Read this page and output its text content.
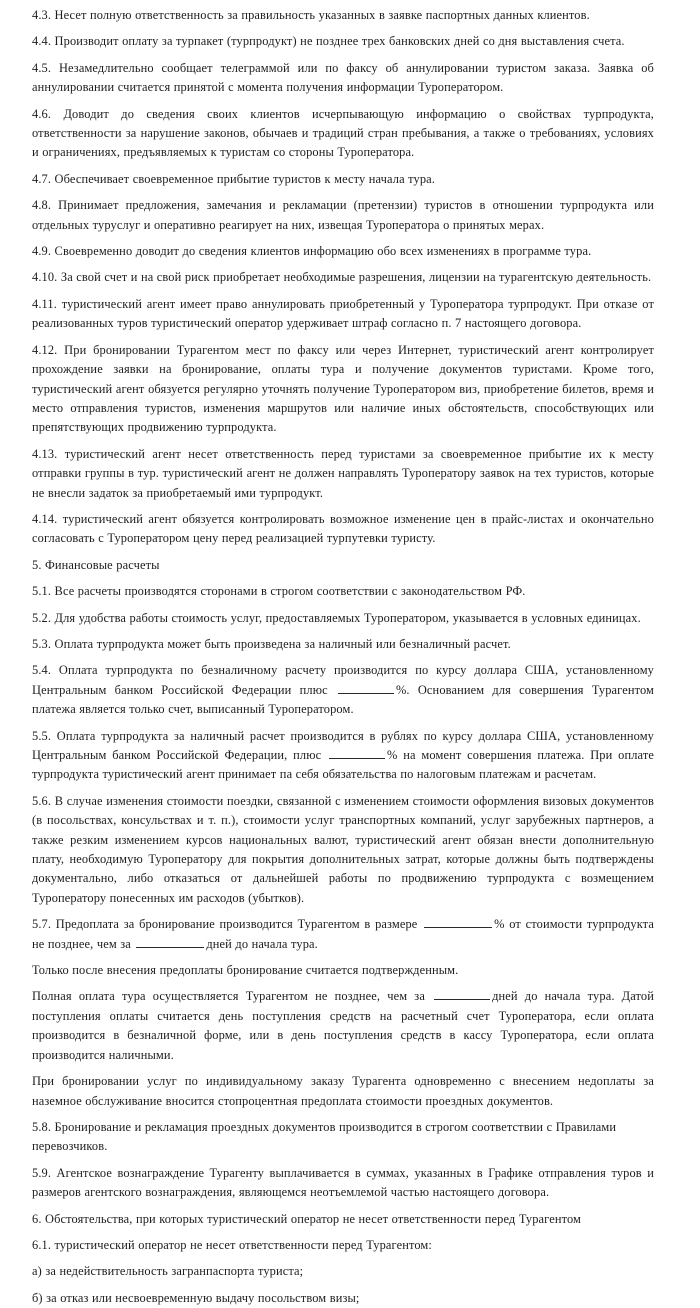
4.3. Несет полную ответственность за правильность указанных в заявке паспортных данных клиентов.

4.4. Производит оплату за турпакет (турпродукт) не позднее трех банковских дней со дня выставления счета.

4.5. Незамедлительно сообщает телеграммой или по факсу об аннулировании туристом заказа. Заявка об аннулировании считается принятой с момента получения информации Туроператором.

4.6. Доводит до сведения своих клиентов исчерпывающую информацию о свойствах турпродукта, ответственности за нарушение законов, обычаев и традиций стран пребывания, а также о требованиях, условиях и ограничениях, предъявляемых к туристам со стороны Туроператора.

4.7. Обеспечивает своевременное прибытие туристов к месту начала тура.

4.8. Принимает предложения, замечания и рекламации (претензии) туристов в отношении турпродукта или отдельных туруслуг и оперативно реагирует на них, извещая Туроператора о принятых мерах.

4.9. Своевременно доводит до сведения клиентов информацию обо всех изменениях в программе тура.

4.10. За свой счет и на свой риск приобретает необходимые разрешения, лицензии на турагентскую деятельность.

4.11. туристический агент имеет право аннулировать приобретенный у Туроператора турпродукт. При отказе от реализованных туров туристический оператор удерживает штраф согласно п. 7 настоящего договора.

4.12. При бронировании Турагентом мест по факсу или через Интернет, туристический агент контролирует прохождение заявки на бронирование, оплаты тура и получение документов туристами. Кроме того, туристический агент обязуется регулярно уточнять получение Туроператором виз, приобретение билетов, время и место отправления туристов, изменения маршрутов или наличие иных обстоятельств, способствующих или препятствующих продвижению турпродукта.

4.13. туристический агент несет ответственность перед туристами за своевременное прибытие их к месту отправки группы в тур. туристический агент не должен направлять Туроператору заявок на тех туристов, которые не внесли задаток за приобретаемый ими турпродукт.

4.14. туристический агент обязуется контролировать возможное изменение цен в прайс-листах и окончательно согласовать с Туроператором цену перед реализацией турпутевки туристу.

5. Финансовые расчеты

5.1. Все расчеты производятся сторонами в строгом соответствии с законодательством РФ.

5.2. Для удобства работы стоимость услуг, предоставляемых Туроператором, указывается в условных единицах.

5.3. Оплата турпродукта может быть произведена за наличный или безналичный расчет.

5.4. Оплата турпродукта по безналичному расчету производится по курсу доллара США, установленному Центральным банком Российской Федерации плюс	%. Основанием для совершения Турагентом платежа является только счет, выписанный Туроператором.

5.5. Оплата турпродукта за наличный расчет производится в рублях по курсу доллара США, установленному Центральным банком Российской Федерации, плюс	% на момент совершения платежа. При оплате турпродукта туристический агент принимает па себя обязательства по налоговым платежам и расчетам.

5.6. В случае изменения стоимости поездки, связанной с изменением стоимости оформления визовых документов (в посольствах, консульствах и т. п.), стоимости услуг транспортных компаний, услуг зарубежных партнеров, а также резким изменением курсов национальных валют, туристический агент обязан внести дополнительную плату, необходимую Туроператору для покрытия дополнительных затрат, которые должны быть подтверждены документально, либо отказаться от дальнейшей работы по продвижению турпродукта с возмещением Туроператору понесенных им расходов (убытков).

5.7. Предоплата за бронирование производится Турагентом в размере	% от стоимости турпродукта не позднее, чем за	дней до начала тура.

Только после внесения предоплаты бронирование считается подтвержденным.

Полная оплата тура осуществляется Турагентом не позднее, чем за	дней до начала тура. Датой поступления оплаты считается день поступления средств на расчетный счет Туроператора, если оплата производится в безналичной форме, или в день поступления средств в кассу Туроператора, если оплата производится наличными.

При бронировании услуг по индивидуальному заказу Турагента одновременно с внесением недоплаты за наземное обслуживание вносится стопроцентная предоплата стоимости проездных документов.

5.8. Бронирование и рекламация проездных документов производится в строгом соответствии с Правилами перевозчиков.

5.9. Агентское вознаграждение Турагенту выплачивается в суммах, указанных в Графике отправления туров и размеров агентского вознаграждения, являющемся неотъемлемой частью настоящего договора.

6. Обстоятельства, при которых туристический оператор не несет ответственности перед Турагентом

6.1. туристический оператор не несет ответственности перед Турагентом:

а) за недействительность загранпаспорта туриста;

б) за отказ или несвоевременную выдачу посольством визы;
